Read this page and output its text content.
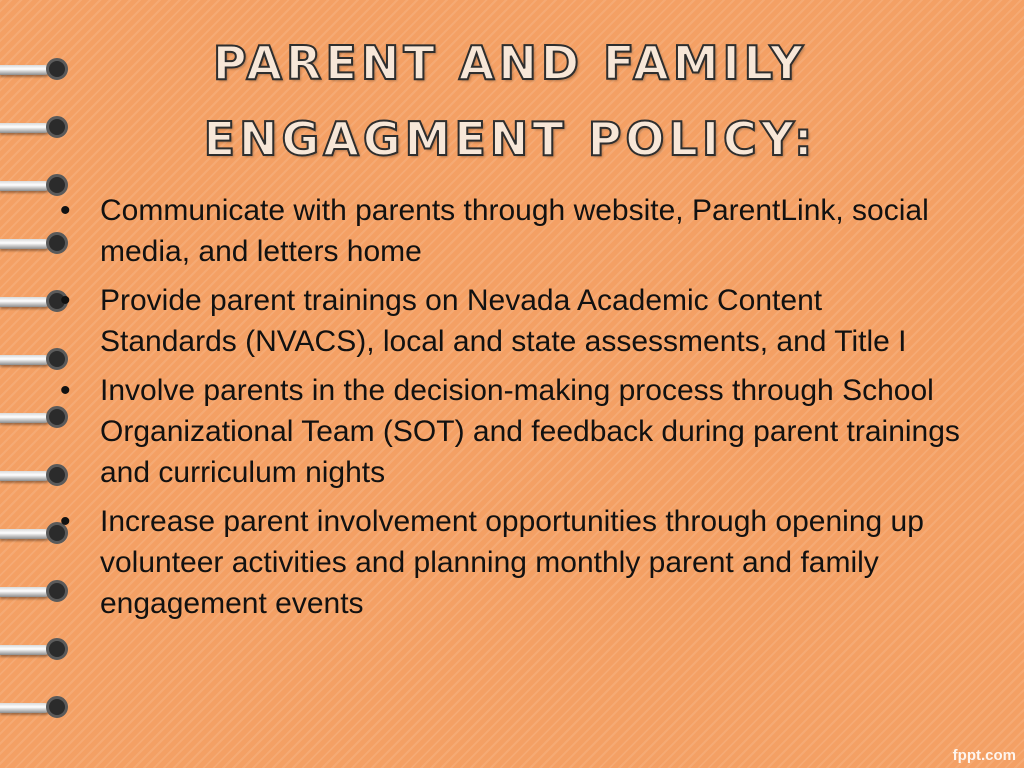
PARENT AND FAMILY
ENGAGMENT POLICY:
• Communicate with parents through website, ParentLink, social media, and letters home
• Provide parent trainings on Nevada Academic Content Standards (NVACS), local and state assessments, and Title I
• Involve parents in the decision-making process through School Organizational Team (SOT) and feedback during parent trainings and curriculum nights
• Increase parent involvement opportunities through opening up volunteer activities and planning monthly parent and family engagement events
fppt.com
